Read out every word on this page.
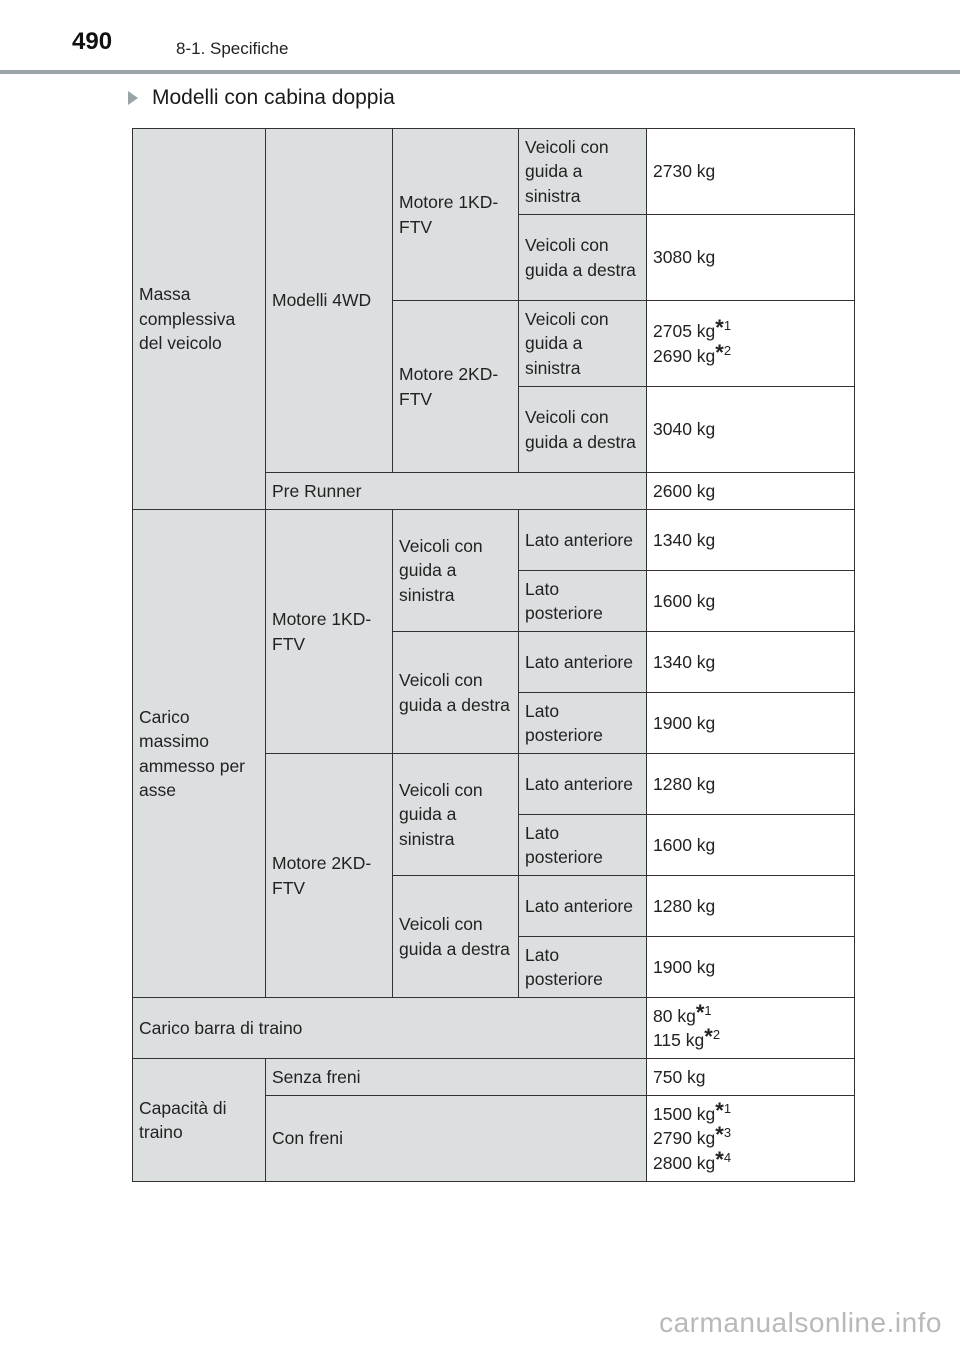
490	8-1. Specifiche
Modelli con cabina doppia
Massa complessiva del veicolo	Modelli 4WD	Motore 1KD-FTV	Veicoli con guida a sinistra	2730 kg
			Veicoli con guida a destra	3080 kg
		Motore 2KD-FTV	Veicoli con guida a sinistra	2705 kg*$^1$
2690 kg*$^2$
			Veicoli con guida a destra	3040 kg
	Pre Runner			2600 kg
Carico massimo ammesso per asse	Motore 1KD-FTV	Veicoli con guida a sinistra	Lato anteriore	1340 kg
			Lato posteriore	1600 kg
		Veicoli con guida a destra	Lato anteriore	1340 kg
			Lato posteriore	1900 kg
	Motore 2KD-FTV	Veicoli con guida a sinistra	Lato anteriore	1280 kg
			Lato posteriore	1600 kg
		Veicoli con guida a destra	Lato anteriore	1280 kg
			Lato posteriore	1900 kg
Carico barra di traino				80 kg*$^1$
115 kg*$^2$
Capacità di traino	Senza freni			750 kg
	Con freni			1500 kg*$^1$
2790 kg*$^3$
2800 kg*$^4$
carmanualsonline.info
